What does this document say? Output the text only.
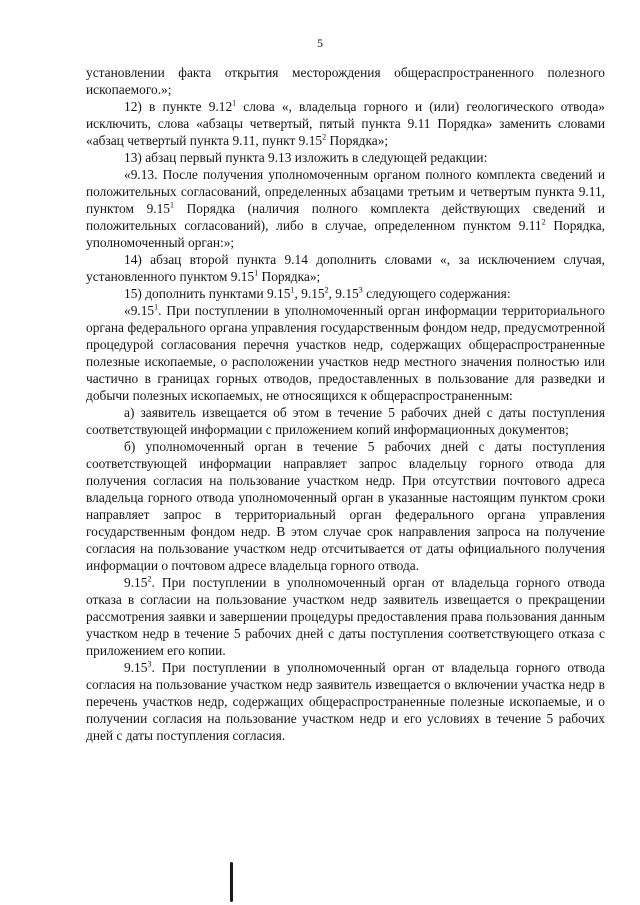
5

установлении факта открытия месторождения общераспространенного полезного ископаемого.»;

12) в пункте 9.12$^1$ слова «, владельца горного и (или) геологического отвода» исключить, слова «абзацы четвертый, пятый пункта 9.11 Порядка» заменить словами «абзац четвертый пункта 9.11, пункт 9.15$^2$ Порядка»;

13) абзац первый пункта 9.13 изложить в следующей редакции:

«9.13. После получения уполномоченным органом полного комплекта сведений и положительных согласований, определенных абзацами третьим и четвертым пункта 9.11, пунктом 9.15$^1$ Порядка (наличия полного комплекта действующих сведений и положительных согласований), либо в случае, определенном пунктом 9.11$^2$ Порядка, уполномоченный орган:»;

14) абзац второй пункта 9.14 дополнить словами «, за исключением случая, установленного пунктом 9.15$^1$ Порядка»;

15) дополнить пунктами 9.15$^1$, 9.15$^2$, 9.15$^3$ следующего содержания:

«9.15$^1$. При поступлении в уполномоченный орган информации территориального органа федерального органа управления государственным фондом недр, предусмотренной процедурой согласования перечня участков недр, содержащих общераспространенные полезные ископаемые, о расположении участков недр местного значения полностью или частично в границах горных отводов, предоставленных в пользование для разведки и добычи полезных ископаемых, не относящихся к общераспространенным:

а) заявитель извещается об этом в течение 5 рабочих дней с даты поступления соответствующей информации с приложением копий информационных документов;

б) уполномоченный орган в течение 5 рабочих дней с даты поступления соответствующей информации направляет запрос владельцу горного отвода для получения согласия на пользование участком недр. При отсутствии почтового адреса владельца горного отвода уполномоченный орган в указанные настоящим пунктом сроки направляет запрос в территориальный орган федерального органа управления государственным фондом недр. В этом случае срок направления запроса на получение согласия на пользование участком недр отсчитывается от даты официального получения информации о почтовом адресе владельца горного отвода.

9.15$^2$. При поступлении в уполномоченный орган от владельца горного отвода отказа в согласии на пользование участком недр заявитель извещается о прекращении рассмотрения заявки и завершении процедуры предоставления права пользования данным участком недр в течение 5 рабочих дней с даты поступления соответствующего отказа с приложением его копии.

9.15$^3$. При поступлении в уполномоченный орган от владельца горного отвода согласия на пользование участком недр заявитель извещается о включении участка недр в перечень участков недр, содержащих общераспространенные полезные ископаемые, и о получении согласия на пользование участком недр и его условиях в течение 5 рабочих дней с даты поступления согласия.
